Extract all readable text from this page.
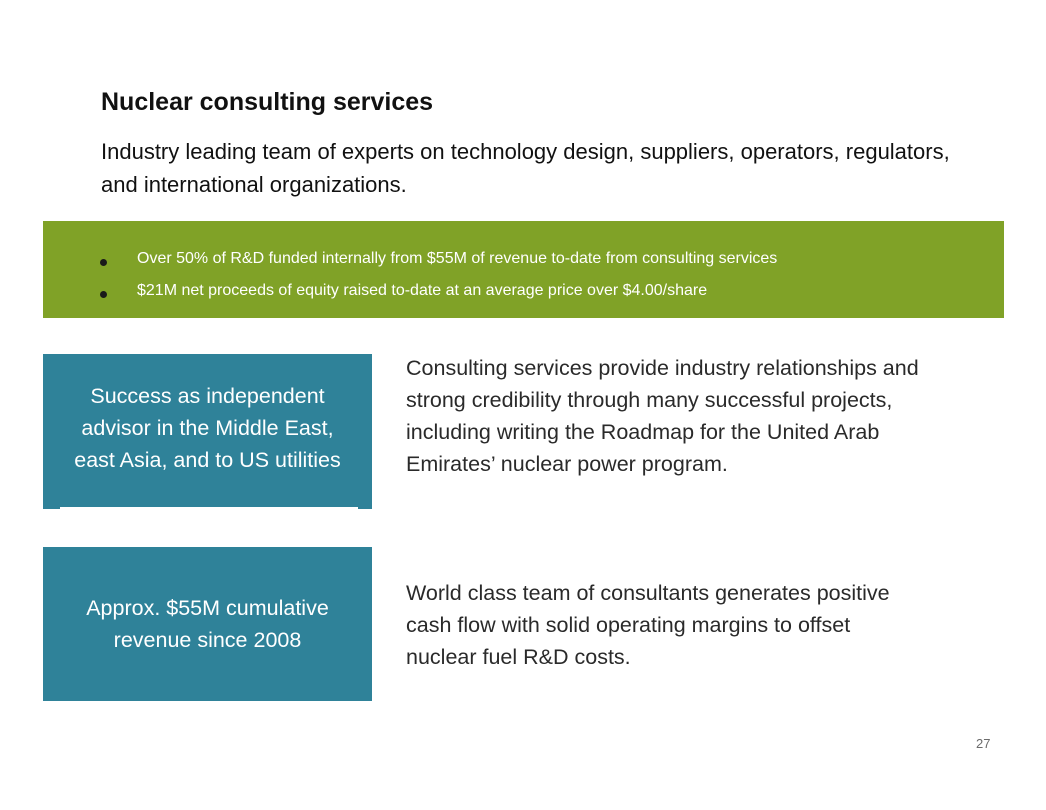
Nuclear consulting services

Industry leading team of experts on technology design, suppliers, operators, regulators, and international organizations.

Over 50% of R&D funded internally from $55M of revenue to-date from consulting services
$21M net proceeds of equity raised to-date at an average price over $4.00/share
Success as independent advisor in the Middle East, east Asia, and to US utilities

Consulting services provide industry relationships and strong credibility through many successful projects, including writing the Roadmap for the United Arab Emirates’ nuclear power program.

Approx. $55M cumulative revenue since 2008

World class team of consultants generates positive cash flow with solid operating margins to offset nuclear fuel R&D costs.

27
